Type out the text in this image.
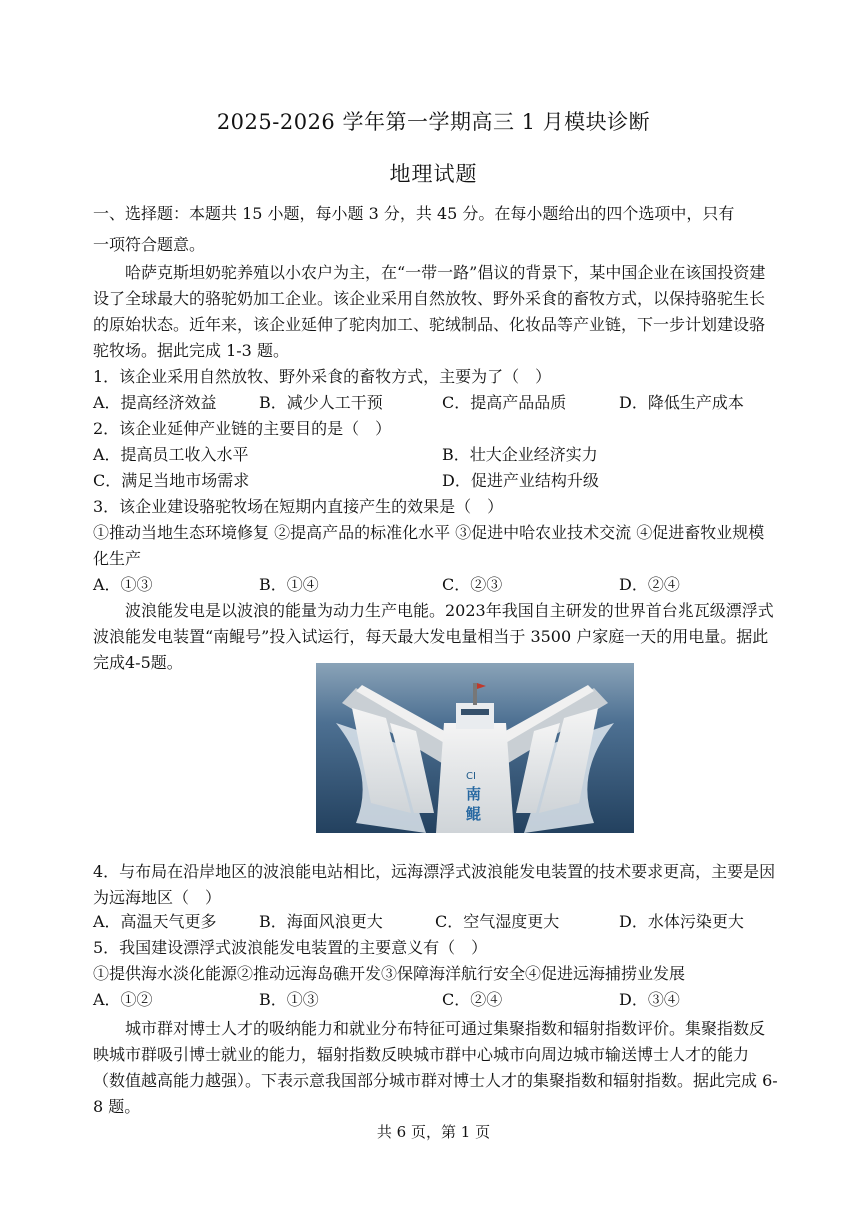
2025-2026 学年第一学期高三 1 月模块诊断
地理试题
一、选择题：本题共 15 小题，每小题 3 分，共 45 分。在每小题给出的四个选项中，只有
一项符合题意。
哈萨克斯坦奶驼养殖以小农户为主，在“一带一路”倡议的背景下，某中国企业在该国投资建设了全球最大的骆驼奶加工企业。该企业采用自然放牧、野外采食的畜牧方式，以保持骆驼生长的原始状态。近年来，该企业延伸了驼肉加工、驼绒制品、化妆品等产业链，下一步计划建设骆驼牧场。据此完成 1-3 题。
1．该企业采用自然放牧、野外采食的畜牧方式，主要为了（　）
A．提高经济效益	B．减少人工干预	C．提高产品品质	D．降低生产成本
2．该企业延伸产业链的主要目的是（　）
A．提高员工收入水平	B．壮大企业经济实力
C．满足当地市场需求	D．促进产业结构升级
3．该企业建设骆驼牧场在短期内直接产生的效果是（　）
①推动当地生态环境修复 ②提高产品的标准化水平 ③促进中哈农业技术交流 ④促进畜牧业规模化生产
A．①③	B．①④	C．②③	D．②④
波浪能发电是以波浪的能量为动力生产电能。2023年我国自主研发的世界首台兆瓦级漂浮式波浪能发电装置“南鲲号”投入试运行，每天最大发电量相当于 3500 户家庭一天的用电量。据此完成4-5题。
CI
南
鲲
4．与布局在沿岸地区的波浪能电站相比，远海漂浮式波浪能发电装置的技术要求更高，主要是因为远海地区（　）
A．高温天气更多	B．海面风浪更大	C．空气湿度更大	D．水体污染更大
5．我国建设漂浮式波浪能发电装置的主要意义有（　）
①提供海水淡化能源②推动远海岛礁开发③保障海洋航行安全④促进远海捕捞业发展
A．①②	B．①③	C．②④	D．③④
城市群对博士人才的吸纳能力和就业分布特征可通过集聚指数和辐射指数评价。集聚指数反映城市群吸引博士就业的能力，辐射指数反映城市群中心城市向周边城市输送博士人才的能力（数值越高能力越强）。下表示意我国部分城市群对博士人才的集聚指数和辐射指数。据此完成 6-8 题。
共 6 页，第 1 页
